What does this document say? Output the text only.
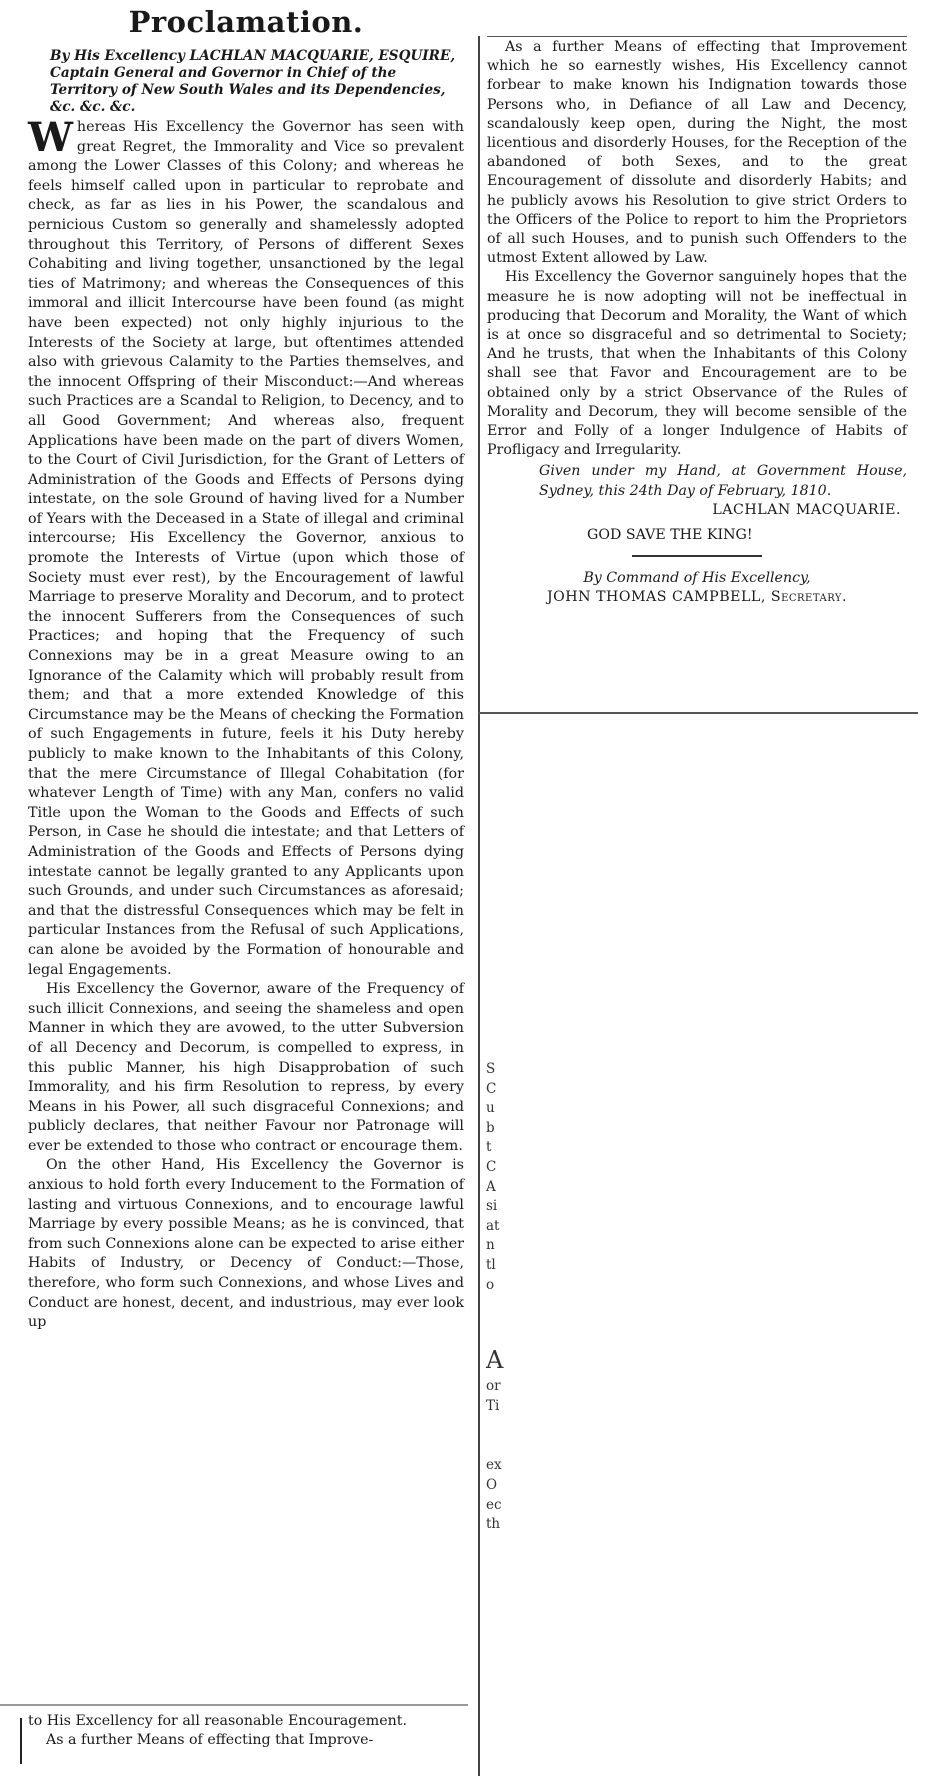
Proclamation.
By His Excellency LACHLAN MACQUARIE, ESQUIRE, Captain General and Governor in Chief of the Territory of New South Wales and its Dependencies, &c. &c. &c.

W hereas His Excellency the Governor has seen with great Regret, the Immorality and Vice so prevalent among the Lower Classes of this Colony; and whereas he feels himself called upon in particular to reprobate and check, as far as lies in his Power, the scandalous and pernicious Custom so generally and shamelessly adopted throughout this Territory, of Persons of different Sexes Cohabiting and living together, unsanctioned by the legal ties of Matrimony; and whereas the Consequences of this immoral and illicit Intercourse have been found (as might have been expected) not only highly injurious to the Interests of the Society at large, but oftentimes attended also with grievous Calamity to the Parties themselves, and the innocent Offspring of their Misconduct:—And whereas such Practices are a Scandal to Religion, to Decency, and to all Good Government; And whereas also, frequent Applications have been made on the part of divers Women, to the Court of Civil Jurisdiction, for the Grant of Letters of Administration of the Goods and Effects of Persons dying intestate, on the sole Ground of having lived for a Number of Years with the Deceased in a State of illegal and criminal intercourse; His Excellency the Governor, anxious to promote the Interests of Virtue (upon which those of Society must ever rest), by the Encouragement of lawful Marriage to preserve Morality and Decorum, and to protect the innocent Sufferers from the Consequences of such Practices; and hoping that the Frequency of such Connexions may be in a great Measure owing to an Ignorance of the Calamity which will probably result from them; and that a more extended Knowledge of this Circumstance may be the Means of checking the Formation of such Engagements in future, feels it his Duty hereby publicly to make known to the Inhabitants of this Colony, that the mere Circumstance of Illegal Cohabitation (for whatever Length of Time) with any Man, confers no valid Title upon the Woman to the Goods and Effects of such Person, in Case he should die intestate; and that Letters of Administration of the Goods and Effects of Persons dying intestate cannot be legally granted to any Applicants upon such Grounds, and under such Circumstances as aforesaid; and that the distressful Consequences which may be felt in particular Instances from the Refusal of such Applications, can alone be avoided by the Formation of honourable and legal Engagements.

His Excellency the Governor, aware of the Frequency of such illicit Connexions, and seeing the shameless and open Manner in which they are avowed, to the utter Subversion of all Decency and Decorum, is compelled to express, in this public Manner, his high Disapprobation of such Immorality, and his firm Resolution to repress, by every Means in his Power, all such disgraceful Connexions; and publicly declares, that neither Favour nor Patronage will ever be extended to those who contract or encourage them.

On the other Hand, His Excellency the Governor is anxious to hold forth every Inducement to the Formation of lasting and virtuous Connexions, and to encourage lawful Marriage by every possible Means; as he is convinced, that from such Connexions alone can be expected to arise either Habits of Industry, or Decency of Conduct:—Those, therefore, who form such Connexions, and whose Lives and Conduct are honest, decent, and industrious, may ever look up

As a further Means of effecting that Improvement which he so earnestly wishes, His Excellency cannot forbear to make known his Indignation towards those Persons who, in Defiance of all Law and Decency, scandalously keep open, during the Night, the most licentious and disorderly Houses, for the Reception of the abandoned of both Sexes, and to the great Encouragement of dissolute and disorderly Habits; and he publicly avows his Resolution to give strict Orders to the Officers of the Police to report to him the Proprietors of all such Houses, and to punish such Offenders to the utmost Extent allowed by Law.

His Excellency the Governor sanguinely hopes that the measure he is now adopting will not be ineffectual in producing that Decorum and Morality, the Want of which is at once so disgraceful and so detrimental to Society; And he trusts, that when the Inhabitants of this Colony shall see that Favor and Encouragement are to be obtained only by a strict Observance of the Rules of Morality and Decorum, they will become sensible of the Error and Folly of a longer Indulgence of Habits of Profligacy and Irregularity.

Given under my Hand, at Government House, Sydney, this 24th Day of February, 1810.

LACHLAN MACQUARIE.

GOD SAVE THE KING!

By Command of His Excellency,

JOHN THOMAS CAMPBELL, Secretary.

S
C
u
b
t
C
A
si
at
n
tl
o
A
or
Ti
ex
O
ec
th

to His Excellency for all reasonable Encouragement.

As a further Means of effecting that Improve-
